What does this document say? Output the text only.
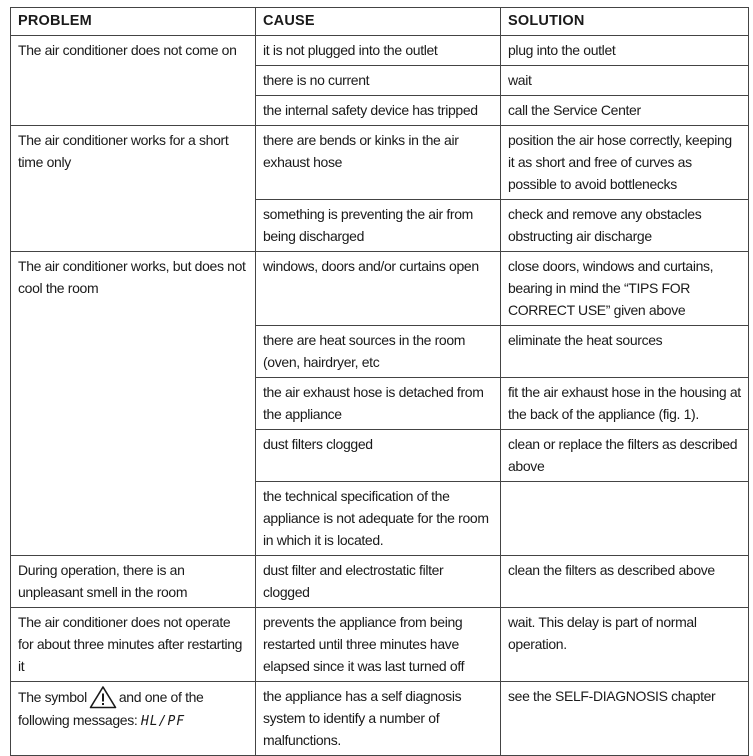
PROBLEM	CAUSE	SOLUTION
The air conditioner does not come on	it is not plugged into the outlet	plug into the outlet
	there is no current	wait
	the internal safety device has tripped	call the Service Center
The air conditioner works for a short time only	there are bends or kinks in the air exhaust hose	position the air hose correctly, keeping it as short and free of curves as possible to avoid bottlenecks
	something is preventing the air from being discharged	check and remove any obstacles obstructing air discharge
The air conditioner works, but does not cool the room	windows, doors and/or curtains open	close doors, windows and curtains, bearing in mind the “TIPS FOR CORRECT USE” given above
	there are heat sources in the room (oven, hairdryer, etc	eliminate the heat sources
	the air exhaust hose is detached from the appliance	fit the air exhaust hose in the housing at the back of the appliance (fig. 1).
	dust filters clogged	clean or replace the filters as described above
	the technical specification of the appliance is not adequate for the room in which it is located.	
During operation, there is an unpleasant smell in the room	dust filter and electrostatic filter clogged	clean the filters as described above
The air conditioner does not operate for about three minutes after restarting it	prevents the appliance from being restarted until three minutes have elapsed since it was last turned off	wait. This delay is part of normal operation.
The symbol and one of the following messages: HL/PF	the appliance has a self diagnosis system to identify a number of malfunctions.	see the SELF-DIAGNOSIS chapter
